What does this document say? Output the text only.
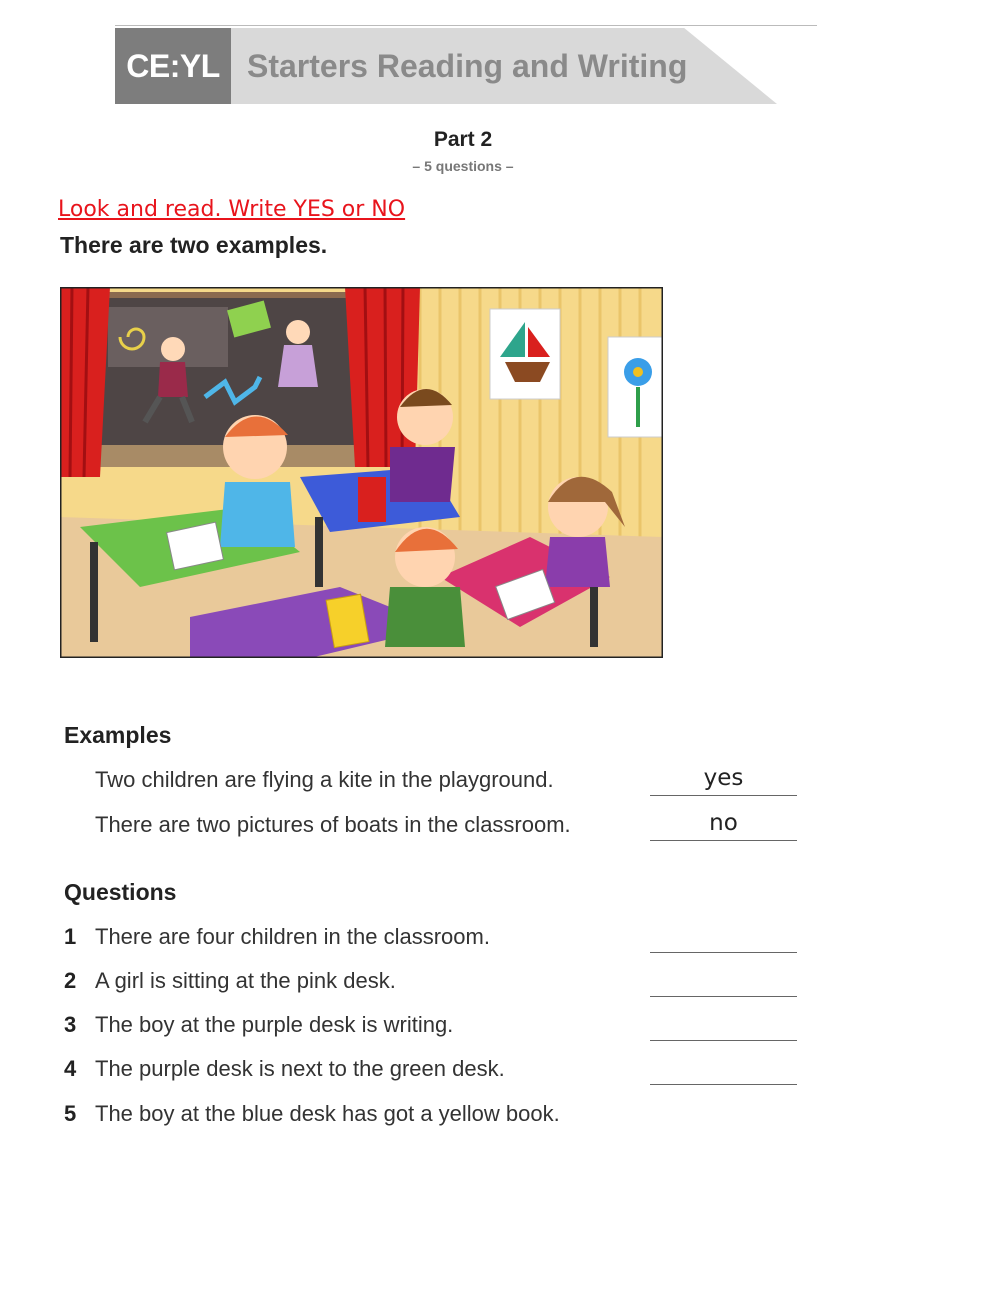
CE:YL Starters Reading and Writing
Part 2
– 5 questions –
Look and read. Write YES or NO
There are two examples.
Examples
Two children are flying a kite in the playground.	yes
There are two pictures of boats in the classroom.	no
Questions
1 There are four children in the classroom.
2 A girl is sitting at the pink desk.
3 The boy at the purple desk is writing.
4 The purple desk is next to the green desk.
5 The boy at the blue desk has got a yellow book.
